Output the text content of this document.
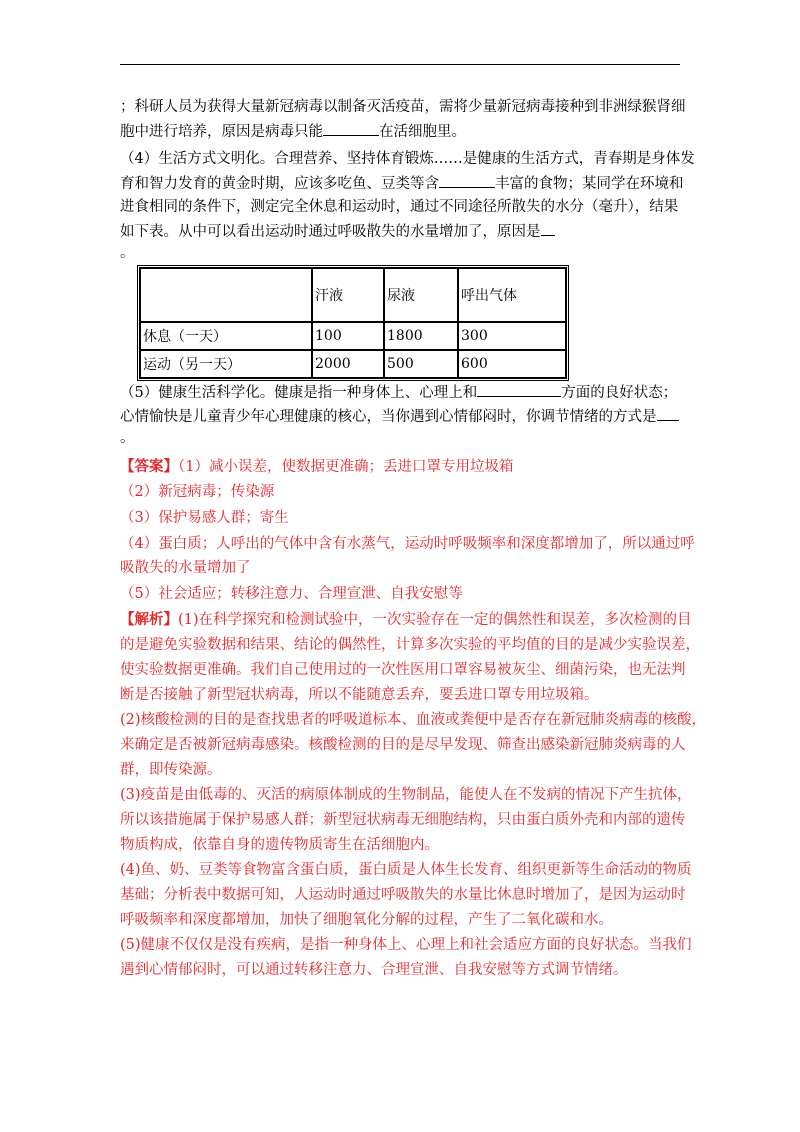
；科研人员为获得大量新冠病毒以制备灭活疫苗，需将少量新冠病毒接种到非洲绿猴肾细
胞中进行培养，原因是病毒只能	在活细胞里。
（4）生活方式文明化。合理营养、坚持体育锻炼……是健康的生活方式，青春期是身体发
育和智力发育的黄金时期，应该多吃鱼、豆类等含	丰富的食物；某同学在环境和
进食相同的条件下，测定完全休息和运动时，通过不同途径所散失的水分（毫升），结果
如下表。从中可以看出运动时通过呼吸散失的水量增加了，原因是
。
	汗液	尿液	呼出气体
休息（一天）	100	1800	300
运动（另一天）	2000	500	600
（5）健康生活科学化。健康是指一种身体上、心理上和	方面的良好状态；
心情愉快是儿童青少年心理健康的核心，当你遇到心情郁闷时，你调节情绪的方式是
。
【答案】（1）减小误差，使数据更准确；丢进口罩专用垃圾箱
（2）新冠病毒；传染源
（3）保护易感人群；寄生
（4）蛋白质；人呼出的气体中含有水蒸气，运动时呼吸频率和深度都增加了，所以通过呼
吸散失的水量增加了
（5）社会适应；转移注意力、合理宣泄、自我安慰等
【解析】(1)在科学探究和检测试验中，一次实验存在一定的偶然性和误差，多次检测的目
的是避免实验数据和结果、结论的偶然性，计算多次实验的平均值的目的是减少实验误差，
使实验数据更准确。我们自己使用过的一次性医用口罩容易被灰尘、细菌污染，也无法判
断是否接触了新型冠状病毒，所以不能随意丢弃，要丢进口罩专用垃圾箱。
(2)核酸检测的目的是查找患者的呼吸道标本、血液或粪便中是否存在新冠肺炎病毒的核酸，
来确定是否被新冠病毒感染。核酸检测的目的是尽早发现、筛查出感染新冠肺炎病毒的人
群，即传染源。
(3)疫苗是由低毒的、灭活的病原体制成的生物制品，能使人在不发病的情况下产生抗体，
所以该措施属于保护易感人群；新型冠状病毒无细胞结构，只由蛋白质外壳和内部的遗传
物质构成，依靠自身的遗传物质寄生在活细胞内。
(4)鱼、奶、豆类等食物富含蛋白质，蛋白质是人体生长发育、组织更新等生命活动的物质
基础；分析表中数据可知，人运动时通过呼吸散失的水量比休息时增加了，是因为运动时
呼吸频率和深度都增加，加快了细胞氧化分解的过程，产生了二氧化碳和水。
(5)健康不仅仅是没有疾病，是指一种身体上、心理上和社会适应方面的良好状态。当我们
遇到心情郁闷时，可以通过转移注意力、合理宣泄、自我安慰等方式调节情绪。
